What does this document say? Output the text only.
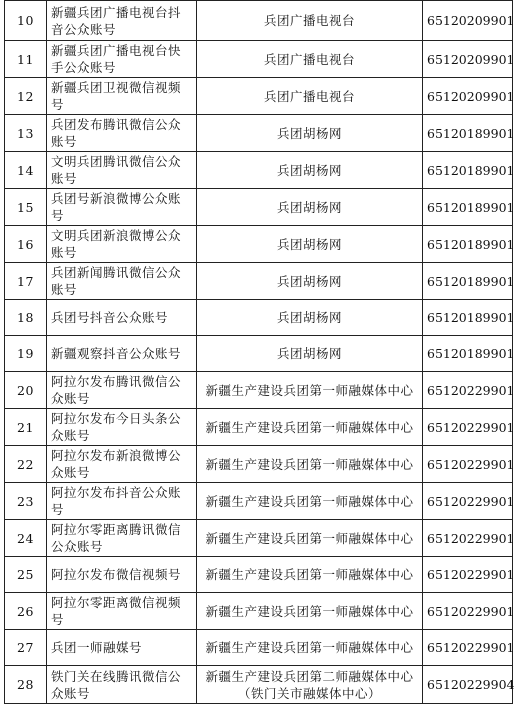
10	新疆兵团广播电视台抖音公众账号	兵团广播电视台	65120209901
11	新疆兵团广播电视台快手公众账号	兵团广播电视台	65120209901
12	新疆兵团卫视微信视频号	兵团广播电视台	65120209901
13	兵团发布腾讯微信公众账号	兵团胡杨网	65120189901
14	文明兵团腾讯微信公众账号	兵团胡杨网	65120189901
15	兵团号新浪微博公众账号	兵团胡杨网	65120189901
16	文明兵团新浪微博公众账号	兵团胡杨网	65120189901
17	兵团新闻腾讯微信公众账号	兵团胡杨网	65120189901
18	兵团号抖音公众账号	兵团胡杨网	65120189901
19	新疆观察抖音公众账号	兵团胡杨网	65120189901
20	阿拉尔发布腾讯微信公众账号	新疆生产建设兵团第一师融媒体中心	65120229901
21	阿拉尔发布今日头条公众账号	新疆生产建设兵团第一师融媒体中心	65120229901
22	阿拉尔发布新浪微博公众账号	新疆生产建设兵团第一师融媒体中心	65120229901
23	阿拉尔发布抖音公众账号	新疆生产建设兵团第一师融媒体中心	65120229901
24	阿拉尔零距离腾讯微信公众账号	新疆生产建设兵团第一师融媒体中心	65120229901
25	阿拉尔发布微信视频号	新疆生产建设兵团第一师融媒体中心	65120229901
26	阿拉尔零距离微信视频号	新疆生产建设兵团第一师融媒体中心	65120229901
27	兵团一师融媒号	新疆生产建设兵团第一师融媒体中心	65120229901
28	铁门关在线腾讯微信公众账号	新疆生产建设兵团第二师融媒体中心（铁门关市融媒体中心）	65120229904
